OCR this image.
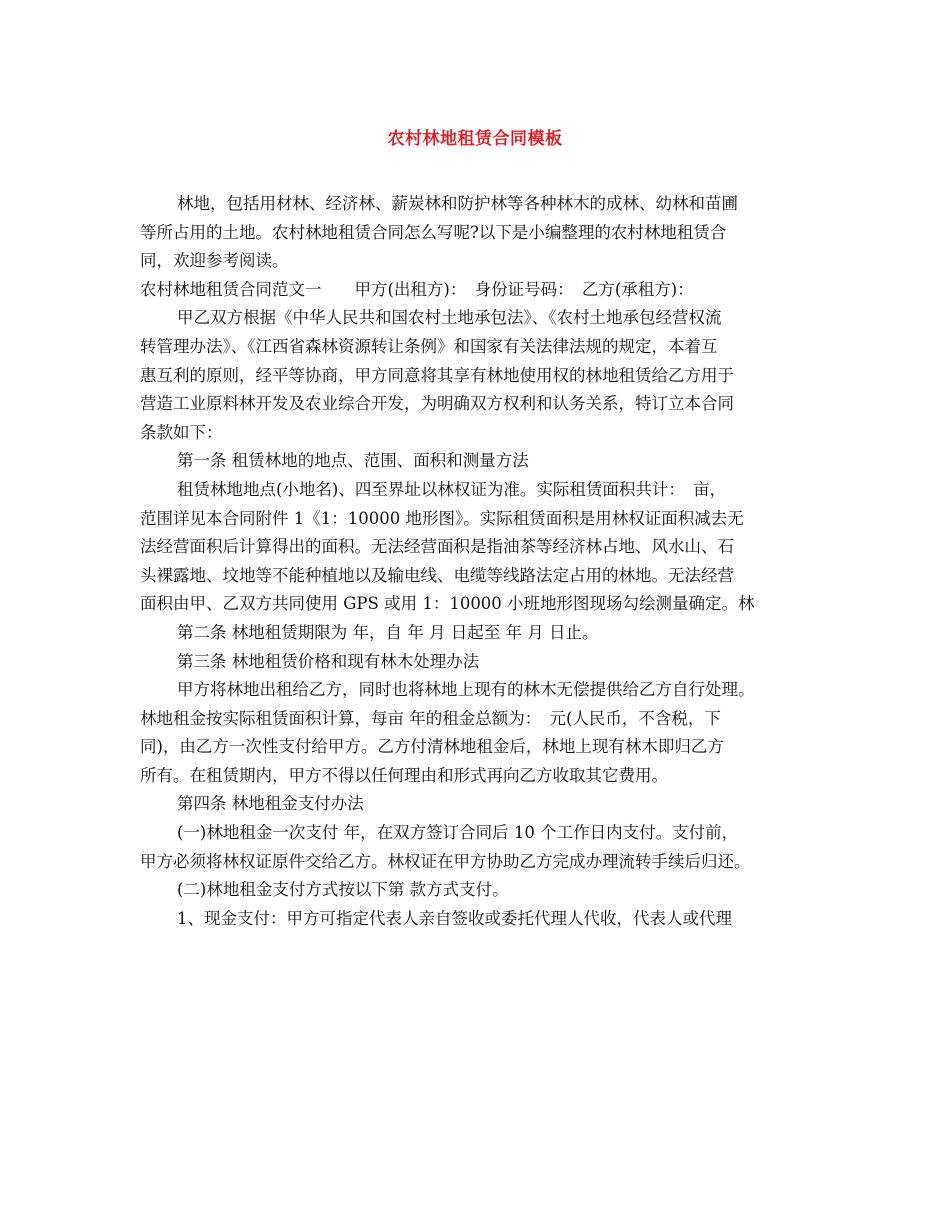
农村林地租赁合同模板
林地，包括用材林、经济林、薪炭林和防护林等各种林木的成林、幼林和苗圃
等所占用的土地。农村林地租赁合同怎么写呢?以下是小编整理的农村林地租赁合
同，欢迎参考阅读。
农村林地租赁合同范文一　　甲方(出租方)：　身份证号码：　乙方(承租方)：
甲乙双方根据《中华人民共和国农村土地承包法》、《农村土地承包经营权流
转管理办法》、《江西省森林资源转让条例》和国家有关法律法规的规定，本着互
惠互利的原则，经平等协商，甲方同意将其享有林地使用权的林地租赁给乙方用于
营造工业原料林开发及农业综合开发，为明确双方权利和认务关系，特订立本合同
条款如下：
第一条 租赁林地的地点、范围、面积和测量方法
租赁林地地点(小地名)、四至界址以林权证为准。实际租赁面积共计：　亩，
范围详见本合同附件 1《1：10000 地形图》。实际租赁面积是用林权证面积减去无
法经营面积后计算得出的面积。无法经营面积是指油茶等经济林占地、风水山、石
头裸露地、坟地等不能种植地以及输电线、电缆等线路法定占用的林地。无法经营
面积由甲、乙双方共同使用 GPS 或用 1：10000 小班地形图现场勾绘测量确定。林
第二条 林地租赁期限为 年，自 年 月 日起至 年 月 日止。
第三条 林地租赁价格和现有林木处理办法
甲方将林地出租给乙方，同时也将林地上现有的林木无偿提供给乙方自行处理。
林地租金按实际租赁面积计算，每亩 年的租金总额为：　元(人民币，不含税，下
同)，由乙方一次性支付给甲方。乙方付清林地租金后，林地上现有林木即归乙方
所有。在租赁期内，甲方不得以任何理由和形式再向乙方收取其它费用。
第四条 林地租金支付办法
(一)林地租金一次支付 年，在双方签订合同后 10 个工作日内支付。支付前，
甲方必须将林权证原件交给乙方。林权证在甲方协助乙方完成办理流转手续后归还。
(二)林地租金支付方式按以下第 款方式支付。
1、现金支付：甲方可指定代表人亲自签收或委托代理人代收，代表人或代理
